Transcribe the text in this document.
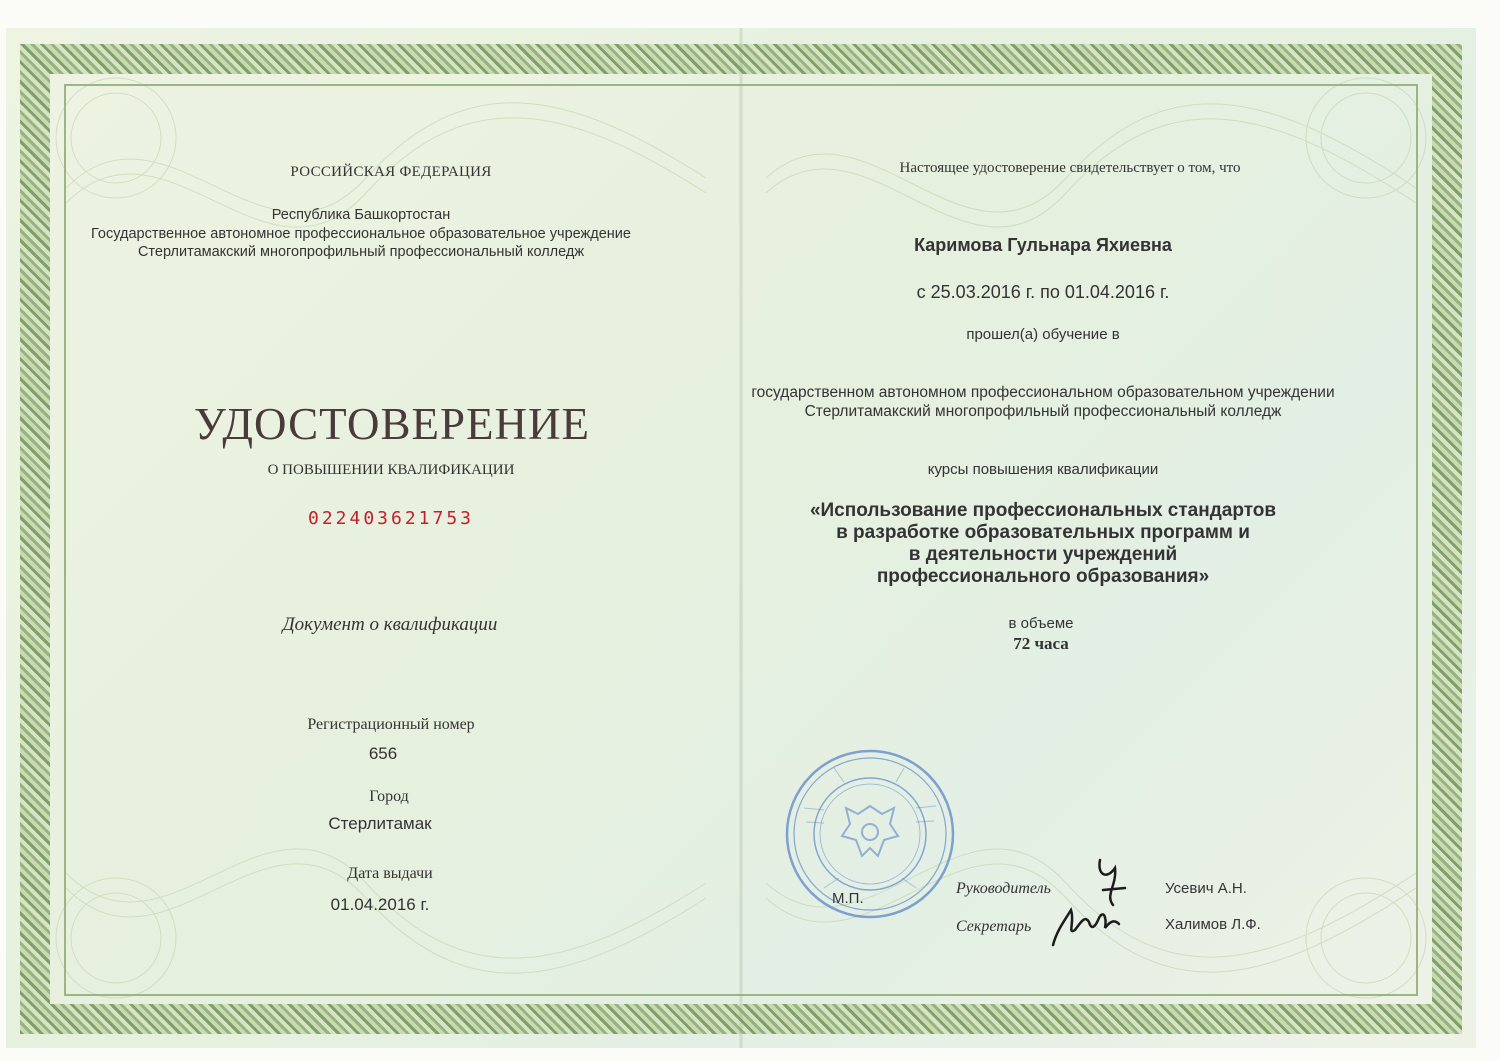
РОССИЙСКАЯ ФЕДЕРАЦИЯ
Республика Башкортостан
Государственное автономное профессиональное образовательное учреждение
Стерлитамакский многопрофильный профессиональный колледж
УДОСТОВЕРЕНИЕ
О ПОВЫШЕНИИ КВАЛИФИКАЦИИ
022403621753
Документ о квалификации
Регистрационный номер
656
Город
Стерлитамак
Дата выдачи
01.04.2016 г.
Настоящее удостоверение свидетельствует о том, что
Каримова Гульнара Яхиевна
с 25.03.2016 г. по 01.04.2016 г.
прошел(а) обучение в
государственном автономном профессиональном образовательном учреждении
Стерлитамакский многопрофильный профессиональный колледж
курсы повышения квалификации
«Использование профессиональных стандартов
в разработке образовательных программ и
в деятельности учреждений
профессионального образования»
в объеме
72 часа
М.П.
Руководитель
Секретарь
Усевич А.Н.
Халимов Л.Ф.
